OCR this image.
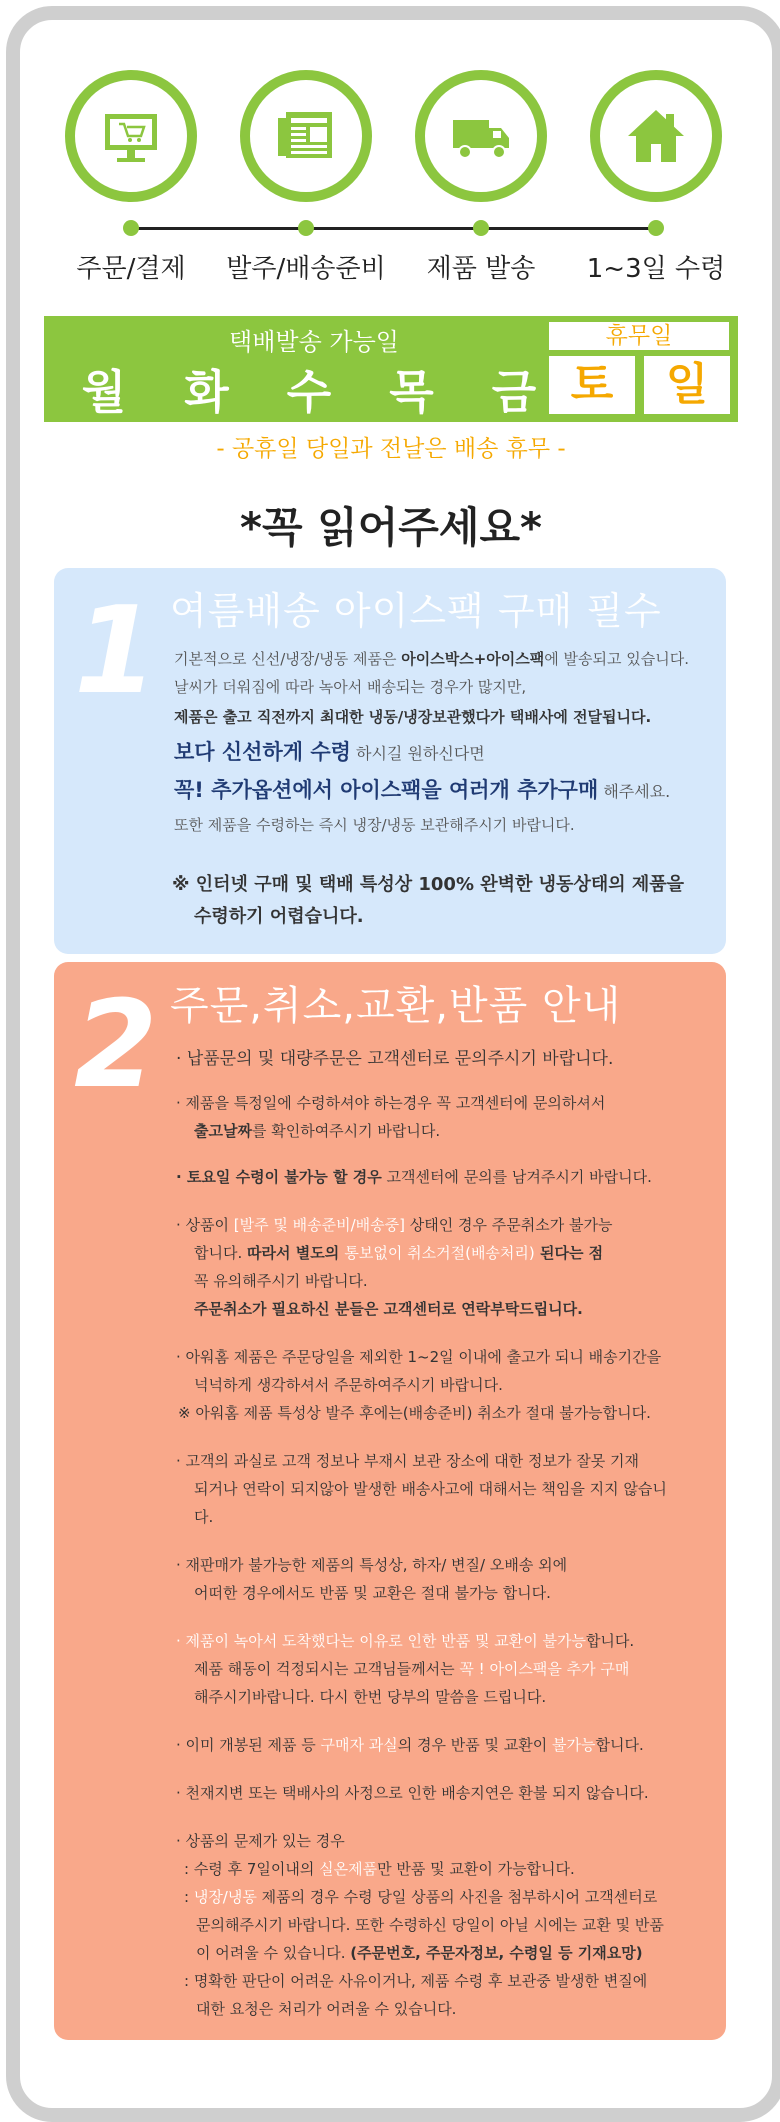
주문/결제	발주/배송준비	제품 발송	1~3일 수령
택배발송 가능일
월	화	수	목	금
휴무일
토	일
- 공휴일 당일과 전날은 배송 휴무 -
*꼭 읽어주세요*
1 여름배송 아이스팩 구매 필수
기본적으로 신선/냉장/냉동 제품은 아이스박스+아이스팩에 발송되고 있습니다.
날씨가 더워짐에 따라 녹아서 배송되는 경우가 많지만,
제품은 출고 직전까지 최대한 냉동/냉장보관했다가 택배사에 전달됩니다.
보다 신선하게 수령 하시길 원하신다면
꼭! 추가옵션에서 아이스팩을 여러개 추가구매 해주세요.
또한 제품을 수령하는 즉시 냉장/냉동 보관해주시기 바랍니다.
※ 인터넷 구매 및 택배 특성상 100% 완벽한 냉동상태의 제품을
수령하기 어렵습니다.
2 주문,취소,교환,반품 안내
· 납품문의 및 대량주문은 고객센터로 문의주시기 바랍니다.
· 제품을 특정일에 수령하셔야 하는경우 꼭 고객센터에 문의하셔서
출고날짜를 확인하여주시기 바랍니다.
· 토요일 수령이 불가능 할 경우 고객센터에 문의를 남겨주시기 바랍니다.
· 상품이 [발주 및 배송준비/배송중] 상태인 경우 주문취소가 불가능
합니다. 따라서 별도의 통보없이 취소거절(배송처리) 된다는 점
꼭 유의해주시기 바랍니다.
주문취소가 필요하신 분들은 고객센터로 연락부탁드립니다.
· 아워홈 제품은 주문당일을 제외한 1~2일 이내에 출고가 되니 배송기간을
넉넉하게 생각하셔서 주문하여주시기 바랍니다.
※ 아워홈 제품 특성상 발주 후에는(배송준비) 취소가 절대 불가능합니다.
· 고객의 과실로 고객 정보나 부재시 보관 장소에 대한 정보가 잘못 기재
되거나 연락이 되지않아 발생한 배송사고에 대해서는 책임을 지지 않습니
다.
· 재판매가 불가능한 제품의 특성상, 하자/ 변질/ 오배송 외에
어떠한 경우에서도 반품 및 교환은 절대 불가능 합니다.
· 제품이 녹아서 도착했다는 이유로 인한 반품 및 교환이 불가능합니다.
제품 해동이 걱정되시는 고객님들께서는 꼭 ! 아이스팩을 추가 구매
해주시기바랍니다. 다시 한번 당부의 말씀을 드립니다.
· 이미 개봉된 제품 등 구매자 과실의 경우 반품 및 교환이 불가능합니다.
· 천재지변 또는 택배사의 사정으로 인한 배송지연은 환불 되지 않습니다.
· 상품의 문제가 있는 경우
: 수령 후 7일이내의 실온제품만 반품 및 교환이 가능합니다.
: 냉장/냉동 제품의 경우 수령 당일 상품의 사진을 첨부하시어 고객센터로
문의해주시기 바랍니다. 또한 수령하신 당일이 아닐 시에는 교환 및 반품
이 어려울 수 있습니다. (주문번호, 주문자정보, 수령일 등 기재요망)
: 명확한 판단이 어려운 사유이거나, 제품 수령 후 보관중 발생한 변질에
대한 요청은 처리가 어려울 수 있습니다.
